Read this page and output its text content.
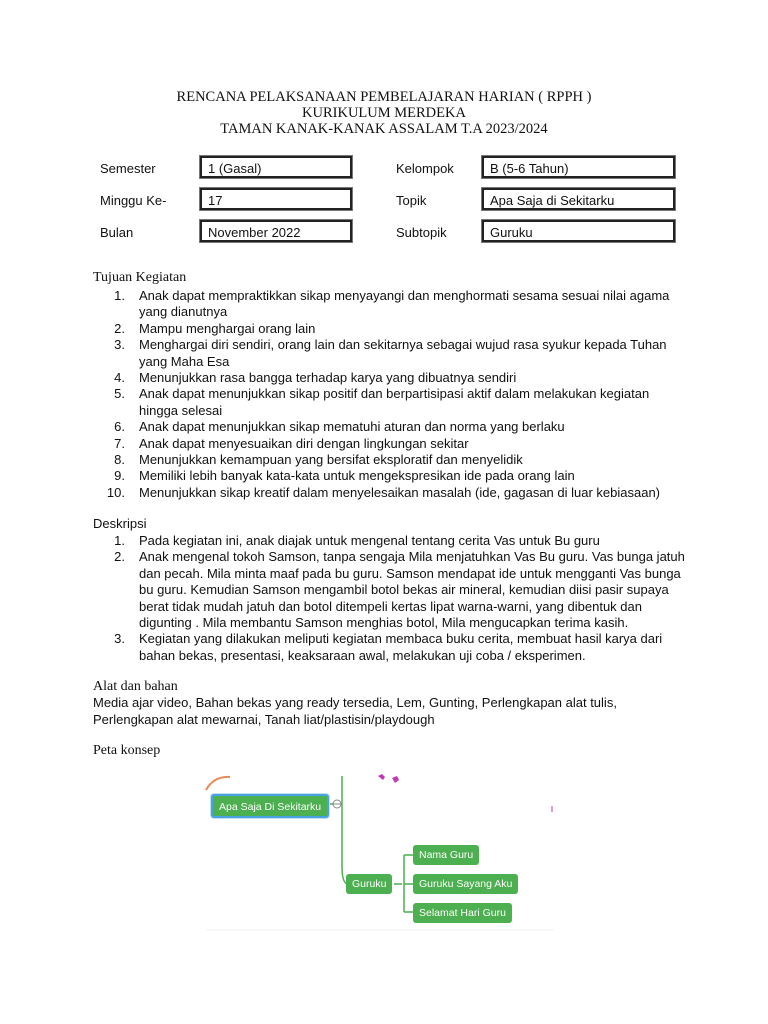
RENCANA PELAKSANAAN PEMBELAJARAN HARIAN ( RPPH )
KURIKULUM MERDEKA
TAMAN KANAK-KANAK ASSALAM T.A 2023/2024
Semester	1 (Gasal)	Kelompok	B (5-6 Tahun)
Minggu Ke-	17	Topik	Apa Saja di Sekitarku
Bulan	November 2022	Subtopik	Guruku
Tujuan Kegiatan
1. Anak dapat mempraktikkan sikap menyayangi dan menghormati sesama sesuai nilai agama yang dianutnya
2. Mampu menghargai orang lain
3. Menghargai diri sendiri, orang lain dan sekitarnya sebagai wujud rasa syukur kepada Tuhan yang Maha Esa
4. Menunjukkan rasa bangga terhadap karya yang dibuatnya sendiri
5. Anak dapat menunjukkan sikap positif dan berpartisipasi aktif dalam melakukan kegiatan hingga selesai
6. Anak dapat menunjukkan sikap mematuhi aturan dan norma yang berlaku
7. Anak dapat menyesuaikan diri dengan lingkungan sekitar
8. Menunjukkan kemampuan yang bersifat eksploratif dan menyelidik
9. Memiliki lebih banyak kata-kata untuk mengekspresikan ide pada orang lain
10. Menunjukkan sikap kreatif dalam menyelesaikan masalah (ide, gagasan di luar kebiasaan)
Deskripsi
1. Pada kegiatan ini, anak diajak untuk mengenal tentang cerita Vas untuk Bu guru
2. Anak mengenal tokoh Samson, tanpa sengaja Mila menjatuhkan Vas Bu guru. Vas bunga jatuh dan pecah. Mila minta maaf pada bu guru. Samson mendapat ide untuk mengganti Vas bunga bu guru. Kemudian Samson mengambil botol bekas air mineral, kemudian diisi pasir supaya berat tidak mudah jatuh dan botol ditempeli kertas lipat warna-warni, yang dibentuk dan digunting . Mila membantu Samson menghias botol, Mila mengucapkan terima kasih.
3. Kegiatan yang dilakukan meliputi kegiatan membaca buku cerita, membuat hasil karya dari bahan bekas, presentasi, keaksaraan awal, melakukan uji coba / eksperimen.
Alat dan bahan
Media ajar video, Bahan bekas yang ready tersedia, Lem, Gunting, Perlengkapan alat tulis, Perlengkapan alat mewarnai, Tanah liat/plastisin/playdough
Peta konsep
Apa Saja Di Sekitarku
Guruku
Nama Guru
Guruku Sayang Aku
Selamat Hari Guru
